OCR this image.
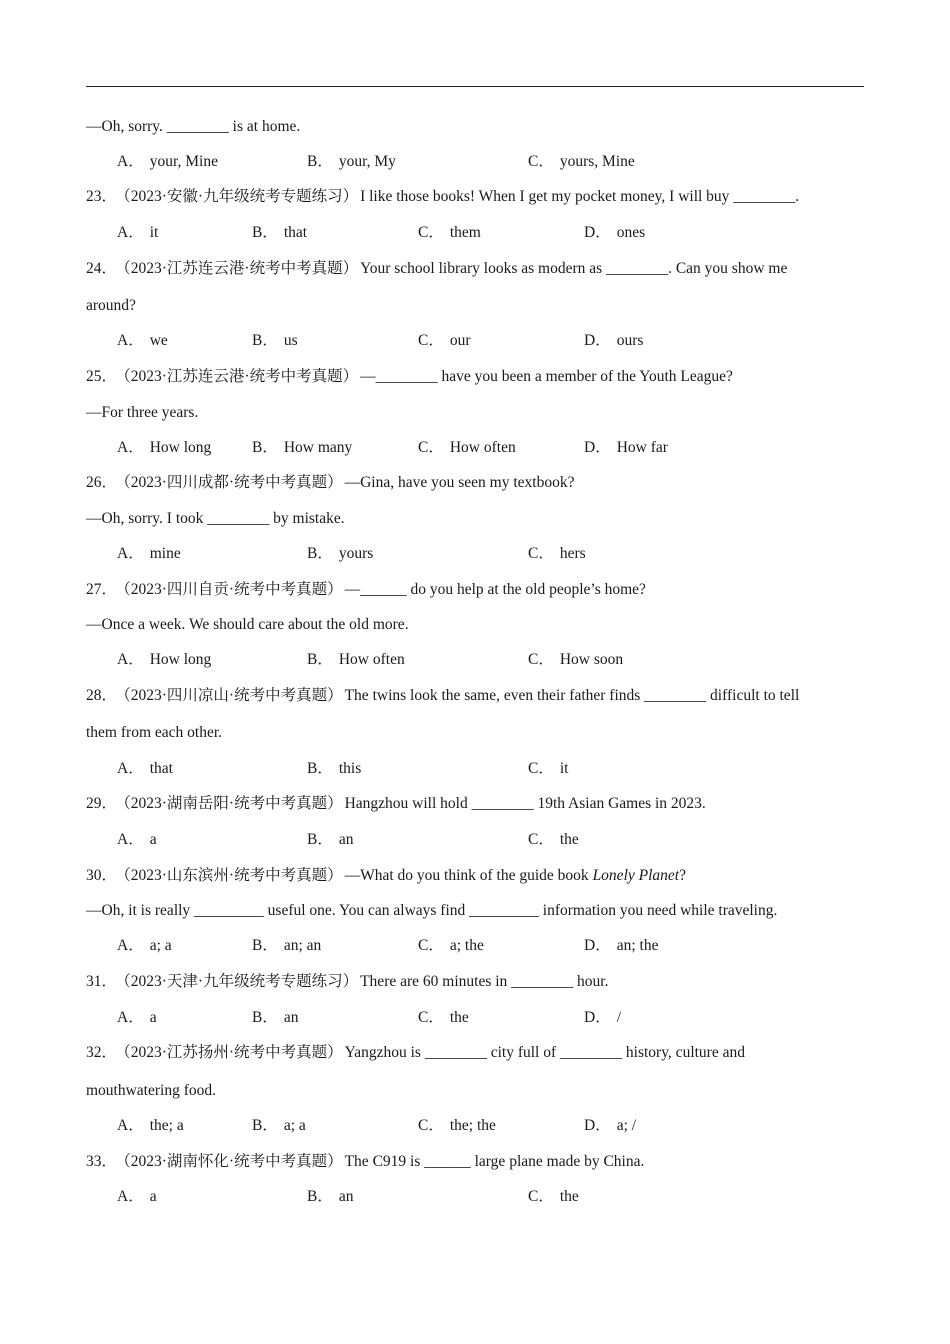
—Oh, sorry. ________ is at home.
A． your, Mine	B． your, My	C． yours, Mine
23． （2023·安徽·九年级统考专题练习） I like those books! When I get my pocket money, I will buy ________.
A． it	B． that	C． them	D． ones
24． （2023·江苏连云港·统考中考真题） Your school library looks as modern as ________. Can you show me
around?
A． we	B． us	C． our	D． ours
25． （2023·江苏连云港·统考中考真题） —________ have you been a member of the Youth League?
—For three years.
A． How long	B． How many	C． How often	D． How far
26． （2023·四川成都·统考中考真题） —Gina, have you seen my textbook?
—Oh, sorry. I took ________ by mistake.
A． mine	B． yours	C． hers
27． （2023·四川自贡·统考中考真题） —______ do you help at the old people’s home?
—Once a week. We should care about the old more.
A． How long	B． How often	C． How soon
28． （2023·四川凉山·统考中考真题） The twins look the same, even their father finds ________ difficult to tell
them from each other.
A． that	B． this	C． it
29． （2023·湖南岳阳·统考中考真题） Hangzhou will hold ________ 19th Asian Games in 2023.
A． a	B． an	C． the
30． （2023·山东滨州·统考中考真题） —What do you think of the guide book Lonely Planet?
—Oh, it is really _________ useful one. You can always find _________ information you need while traveling.
A． a; a	B． an; an	C． a; the	D． an; the
31． （2023·天津·九年级统考专题练习） There are 60 minutes in ________ hour.
A． a	B． an	C． the	D． /
32． （2023·江苏扬州·统考中考真题） Yangzhou is ________ city full of ________ history, culture and
mouthwatering food.
A． the; a	B． a; a	C． the; the	D． a; /
33． （2023·湖南怀化·统考中考真题） The C919 is ______ large plane made by China.
A． a	B． an	C． the
